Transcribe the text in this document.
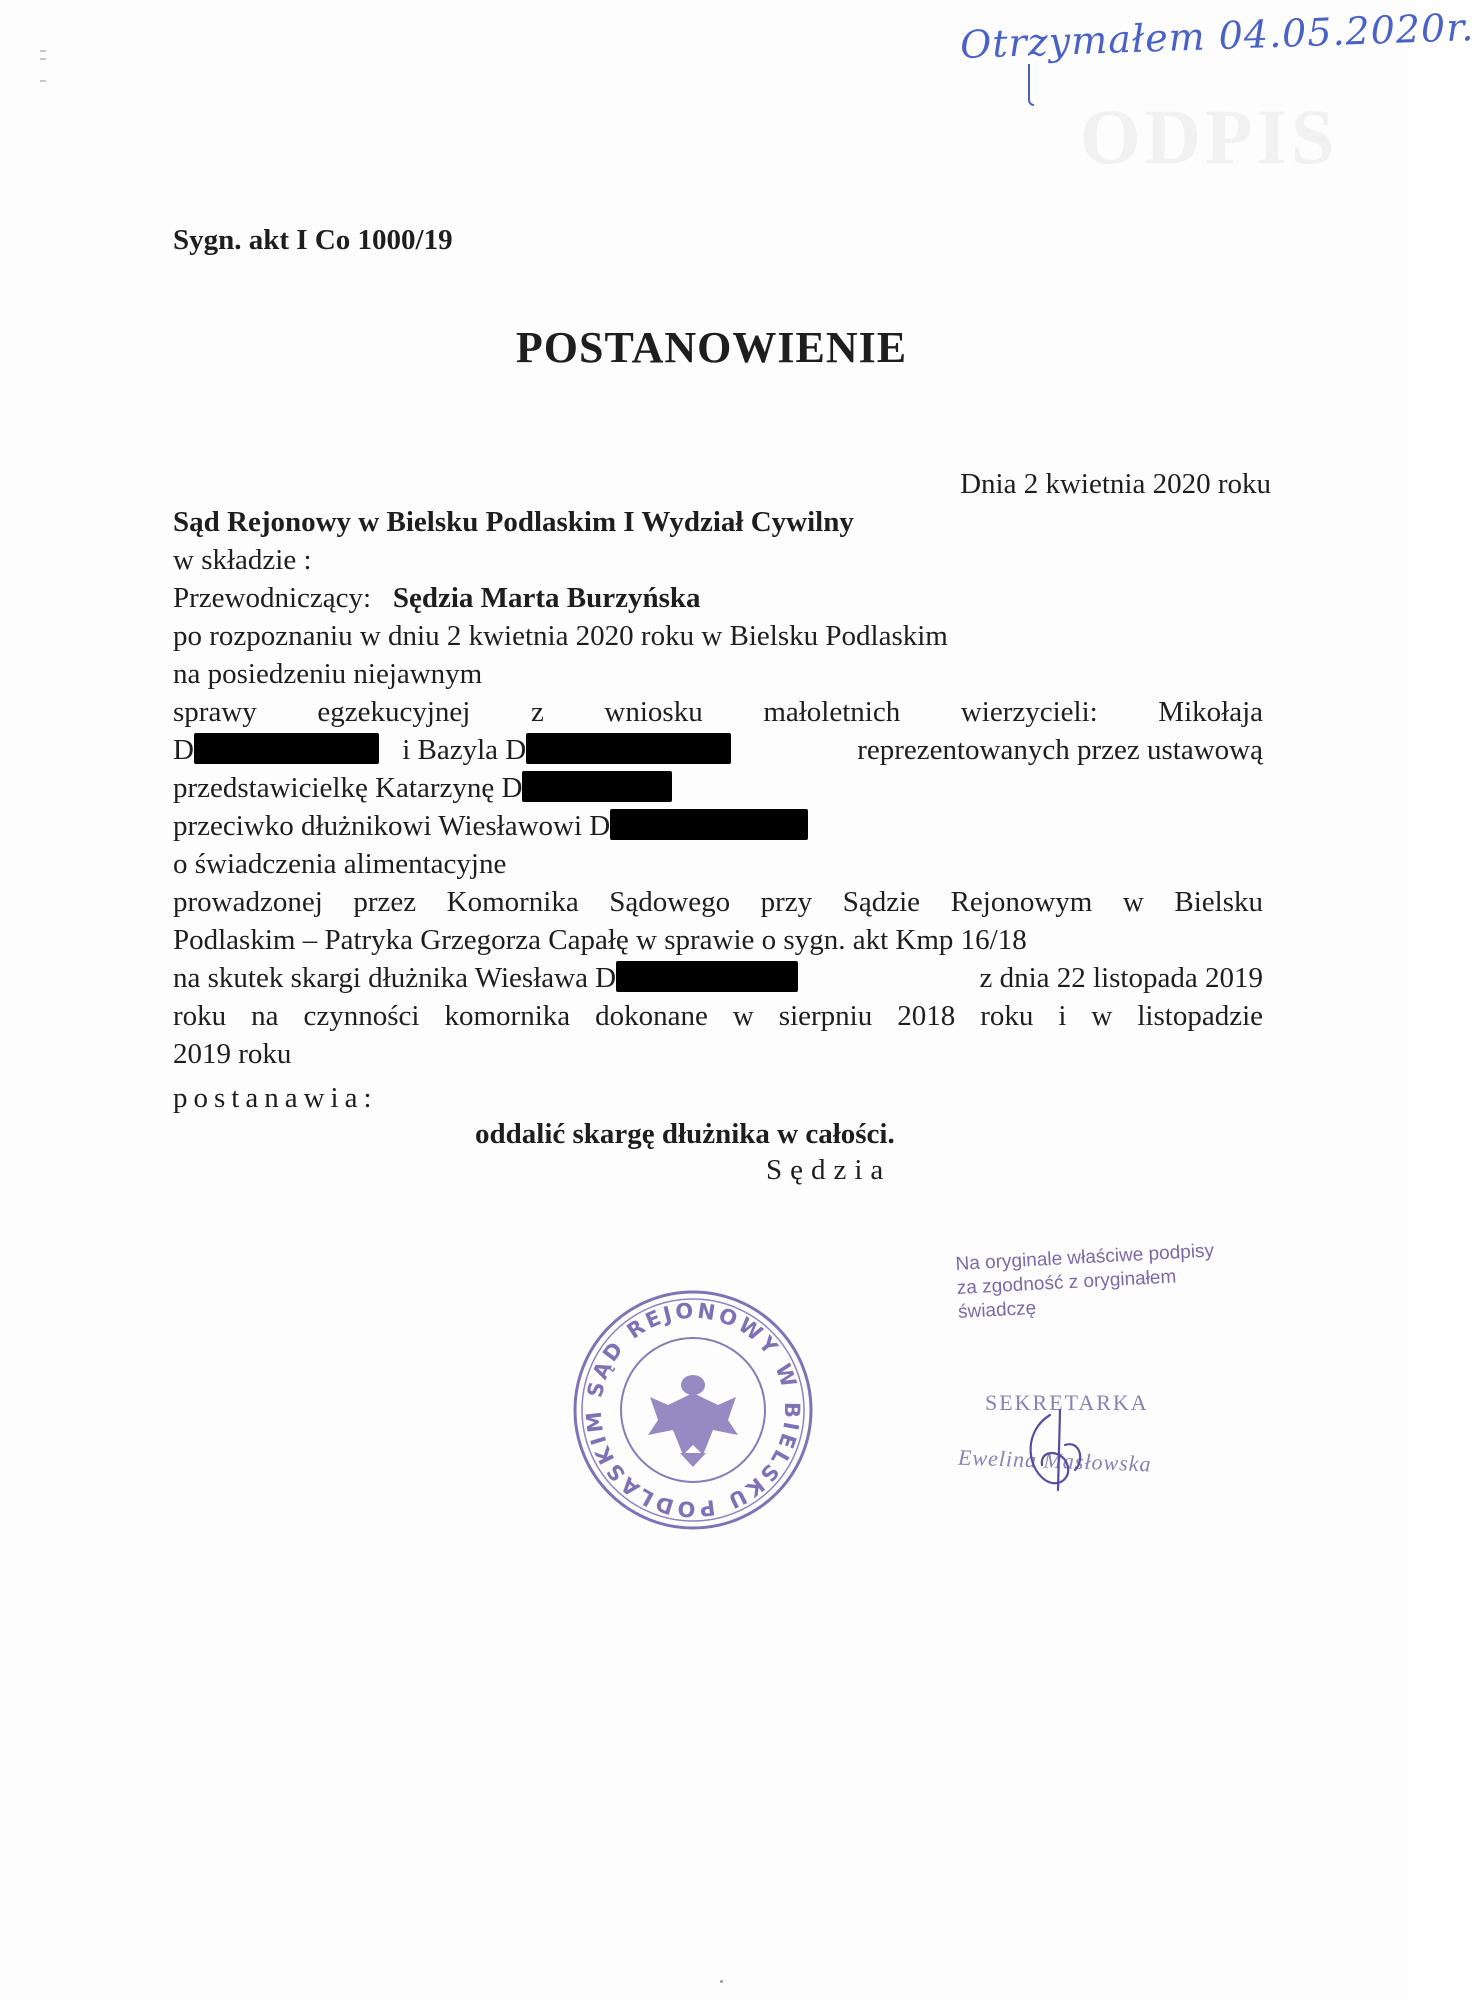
Otrzymałem 04.05.2020r.
ODPIS
Sygn. akt I Co 1000/19
POSTANOWIENIE
Dnia 2 kwietnia 2020 roku
Sąd Rejonowy w Bielsku Podlaskim I Wydział Cywilny
w składzie :
Przewodniczący: Sędzia Marta Burzyńska
po rozpoznaniu w dniu 2 kwietnia 2020 roku w Bielsku Podlaskim
na posiedzeniu niejawnym
sprawy egzekucyjnej z wniosku małoletnich wierzycieli: Mikołaja
D	i Bazyla D	reprezentowanych przez ustawową
przedstawicielkę Katarzynę D
przeciwko dłużnikowi Wiesławowi D
o świadczenia alimentacyjne
prowadzonej przez Komornika Sądowego przy Sądzie Rejonowym w Bielsku
Podlaskim – Patryka Grzegorza Capałę w sprawie o sygn. akt Kmp 16/18
na skutek skargi dłużnika Wiesława D	z dnia 22 listopada 2019
roku na czynności komornika dokonane w sierpniu 2018 roku i w listopadzie
2019 roku
postanawia:
oddalić skargę dłużnika w całości.
Sędzia
SĄD REJONOWY W BIELSKU PODLASKIM
Na oryginale właściwe podpisy
za zgodność z oryginałem
świadczę
SEKRETARKA
Ewelina Masłowska
